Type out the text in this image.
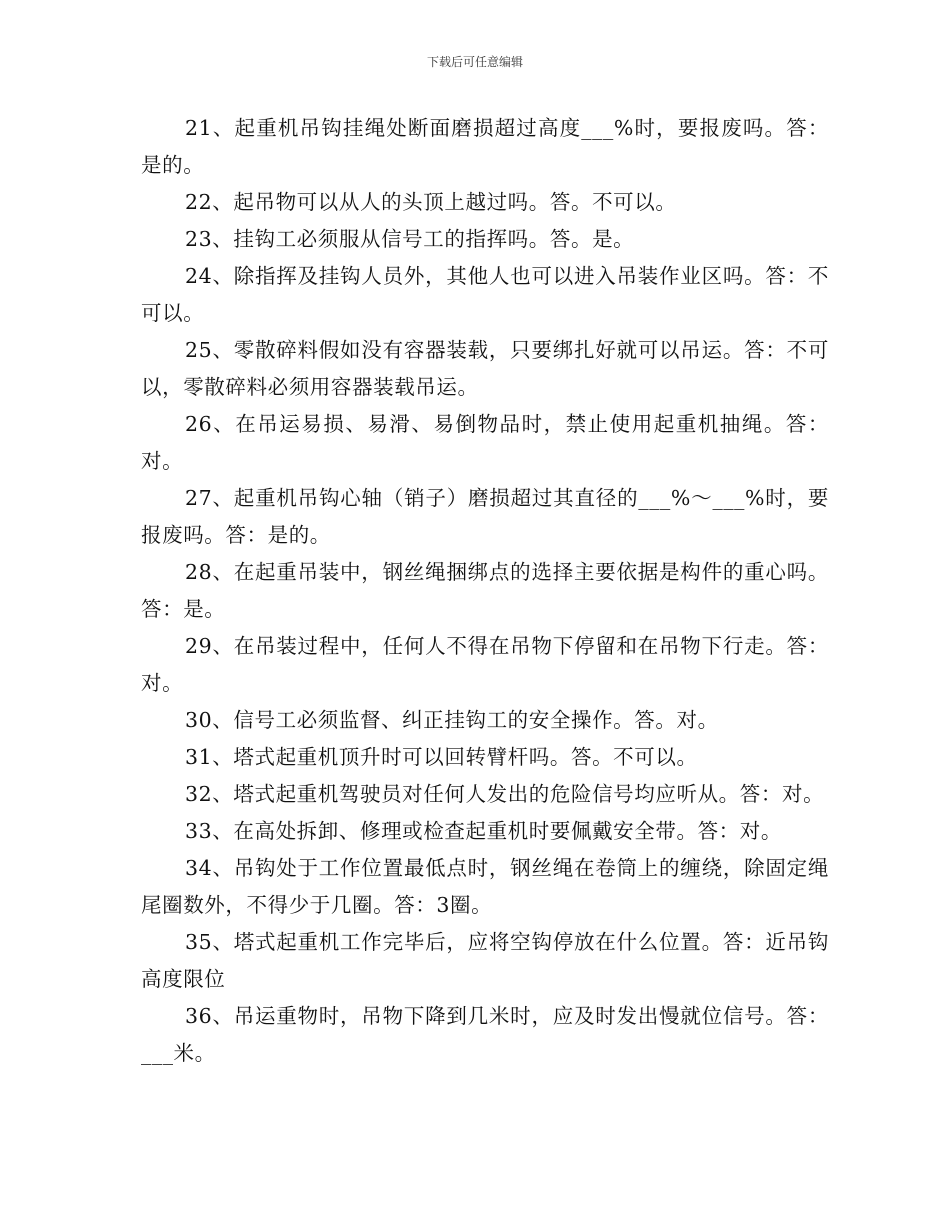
下载后可任意编辑

21、起重机吊钩挂绳处断面磨损超过高度___%时，要报废吗。答：是的。

22、起吊物可以从人的头顶上越过吗。答。不可以。

23、挂钩工必须服从信号工的指挥吗。答。是。

24、除指挥及挂钩人员外，其他人也可以进入吊装作业区吗。答：不可以。

25、零散碎料假如没有容器装载，只要绑扎好就可以吊运。答：不可以，零散碎料必须用容器装载吊运。

26、在吊运易损、易滑、易倒物品时，禁止使用起重机抽绳。答：对。

27、起重机吊钩心轴（销子）磨损超过其直径的___%～___%时，要报废吗。答：是的。

28、在起重吊装中，钢丝绳捆绑点的选择主要依据是构件的重心吗。答：是。

29、在吊装过程中，任何人不得在吊物下停留和在吊物下行走。答：对。

30、信号工必须监督、纠正挂钩工的安全操作。答。对。

31、塔式起重机顶升时可以回转臂杆吗。答。不可以。

32、塔式起重机驾驶员对任何人发出的危险信号均应听从。答：对。

33、在高处拆卸、修理或检查起重机时要佩戴安全带。答：对。

34、吊钩处于工作位置最低点时，钢丝绳在卷筒上的缠绕，除固定绳尾圈数外，不得少于几圈。答：3圈。

35、塔式起重机工作完毕后，应将空钩停放在什么位置。答：近吊钩高度限位

36、吊运重物时，吊物下降到几米时，应及时发出慢就位信号。答：___米。
